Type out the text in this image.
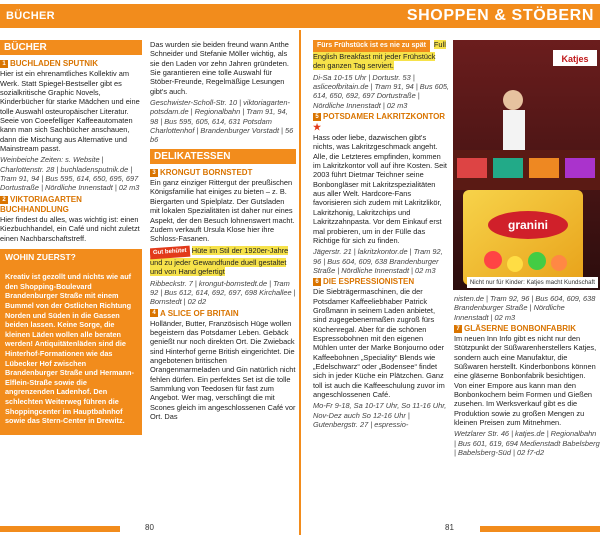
BÜCHER	SHOPPEN & STÖBERN
BÜCHER
1 BUCHLADEN SPUTNIK

Hier ist ein ehrenamtliches Kollektiv am Werk. Statt Spiegel-Bestseller gibt es sozialkritische Graphic Novels, Kinderbücher für starke Mädchen und eine tolle Auswahl osteuropäischer Literatur. Seeie von Coeefelliger Kaffeeautomaten kann man sich Sachbücher anschauen, dann die Mischung aus Alternative und Mainstream passt.

Weinbeiche Zeiten: s. Website | Charlottenstr. 28 | buchladensputnik.de | Tram 91, 94 | Bus 595, 614, 650, 695, 697 Dortustraße | Nördliche Innenstadt | 02 m3

2 VIKTORIAGARTEN BUCHHANDLUNG

Hier findest du alles, was wichtig ist: einen Kiezbuchhandel, ein Café und nicht zuletzt einen Nachbarschaftstreff.

WOHIN ZUERST?
Kreativ ist gezollt und nichts wie auf den Shopping-Boulevard Brandenburger Straße mit einem Bummel von der Ostlichen Richtung Norden und Süden in die Gassen beiden lassen. Keine Sorge, die kleinen Läden wollen alle beraten werden! Antiquitätenläden sind die Hinterhof-Formationen wie das Lübecker Hof zwischen Brandenburger Straße und Hermann-Elflein-Straße sowie die angrenzenden Ladenhof. Den schlechten Weiterweg führen die Shoppingcenter im Hauptbahnhof sowie das Stern-Center in Drewitz.

Das wurden sie beiden freund wann Anthe Schneider und Stefanie Möller wichtig, als sie den Laden vor zehn Jahren gründeten. Sie garantieren eine tolle Auswahl für Stöber-Freunde, Regelmäßige Lesungen gibt's auch.

Geschwister-Scholl-Str. 10 | viktoriagarten-potsdam.de | Regionalbahn | Tram 91, 94, 98 | Bus 595, 605, 614, 631 Potsdam Charlottenhof | Brandenburger Vorstadt | 56 b6

DELIKATESSEN
3 KRONGUT BORNSTEDT

Ein ganz einziger Rittergut der preußischen Königsfamilie hat einiges zu bieten – z. B. Biergarten und Spielplatz. Der Gutsladen mit lokalen Spezialitäten ist daher nur eines Aspekt, der den Besuch lohnenswert macht. Zudem verkauft Ursula Klose hier ihre Schloss-Fasanen.

Gut behütet Hüte im Stil der 1920er-Jahre und zu jeder Gewandfunde duell gestaltet und von Hand gefertigt

Ribbeckstr. 7 | krongut-bornstedt.de | Tram 92 | Bus 612, 614, 692, 697, 698 Kirchallee | Bornstedt | 02 d2

4 A SLICE OF BRITAIN

Holländer, Butter, Französisch Hüge wollen begeistern das Potsdamer Leben. Gebäck genießt nur noch direkten Ort. Die Zwieback sind Hinterhof gerne British eingerichtet. Die angebotenen britischen Orangenmarmeladen und Gin natürlich nicht fehlen dürfen. Ein perfektes Set ist die tolle Sammlung von Teedosen für fast zum Angebot. Wer mag, verschlingt die mit Scones gleich im angeschlossenen Café vor Ort. Das

Fürs Frühstück ist es nie zu spät	Full English Breakfast mit jeder Frühstück den ganzen Tag serviert.

Di-Sa 10-15 Uhr | Dortustr. 53 | asliceofbritain.de | Tram 91, 94 | Bus 605, 614, 650, 692, 697 Dortustraße | Nördliche Innenstadt | 02 m3

5 POTSDAMER LAKRITZKONTOR ★

Hass oder liebe, dazwischen gibt's nichts, was Lakritzgeschmack angeht. Alle, die Letzteres empfinden, kommen im Lakritzkontor voll auf ihre Kosten. Seit 2003 führt Dietmar Teichner seine Bonbongläser mit Lakritzspezialitäten aus aller Welt. Hardcore-Fans favorisieren sich zudem mit Lakritzlikör, Lakritzhonig, Lakritzchips und Lakritzzahnpasta. Vor dem Einkauf erst mal probieren, um in der Fülle das Richtige für sich zu finden.

Jägerstr. 21 | lakritzkontor.de | Tram 92, 96 | Bus 604, 609, 638 Brandenburger Straße | Nördliche Innenstadt | 02 m3

6 DIE ESPRESSIONISTEN

Die Siebträgermaschinen, die der Potsdamer Kaffeeliebhaber Patrick Großmann in seinem Laden anbietet, sind zugegebenermaßen zugroß fürs Küchenregal. Aber für die schönen Espressobohnen mit den eigenen Mühlen unter der Marke Bonjourno oder Kaffeebohnen „Speciality“ Blends wie „Edelschwarz“ oder „Bodensee“ findet sich in jeder Küche ein Plätzchen. Ganz toll ist auch die Kaffeeschulung zuvor im angeschlossenen Café.

Mo-Fr 9-18, Sa 10-17 Uhr, So 11-16 Uhr, Nov-Dez auch So 12-16 Uhr | Gutenbergstr. 27 | espressio-

Katjes
granini
Nicht nur für Kinder: Katjes macht Kundschaft

nisten.de | Tram 92, 96 | Bus 604, 609, 638 Brandenburger Straße | Nördliche Innenstadt | 02 m3

7 GLÄSERNE BONBONFABRIK

Im neuen Inn Info gibt es nicht nur den Stützpunkt der Süßwarenherstellers Katjes, sondern auch eine Manufaktur, die Süßwaren herstellt. Kinderbonbons können eine gläserne Bonbonfabrik besichtigen. Von einer Empore aus kann man den Bonbonkochern beim Formen und Gießen zusehen. Im Werksverkauf gibt es die Produktion sowie zu großen Mengen zu kleinen Preisen zum Mitnehmen.

Wetzlarer Str. 46 | katjes.de | Regionalbahn | Bus 601, 619, 694 Medienstadt Babelsberg | Babelsberg-Süd | 02 f7-d2

80	81
